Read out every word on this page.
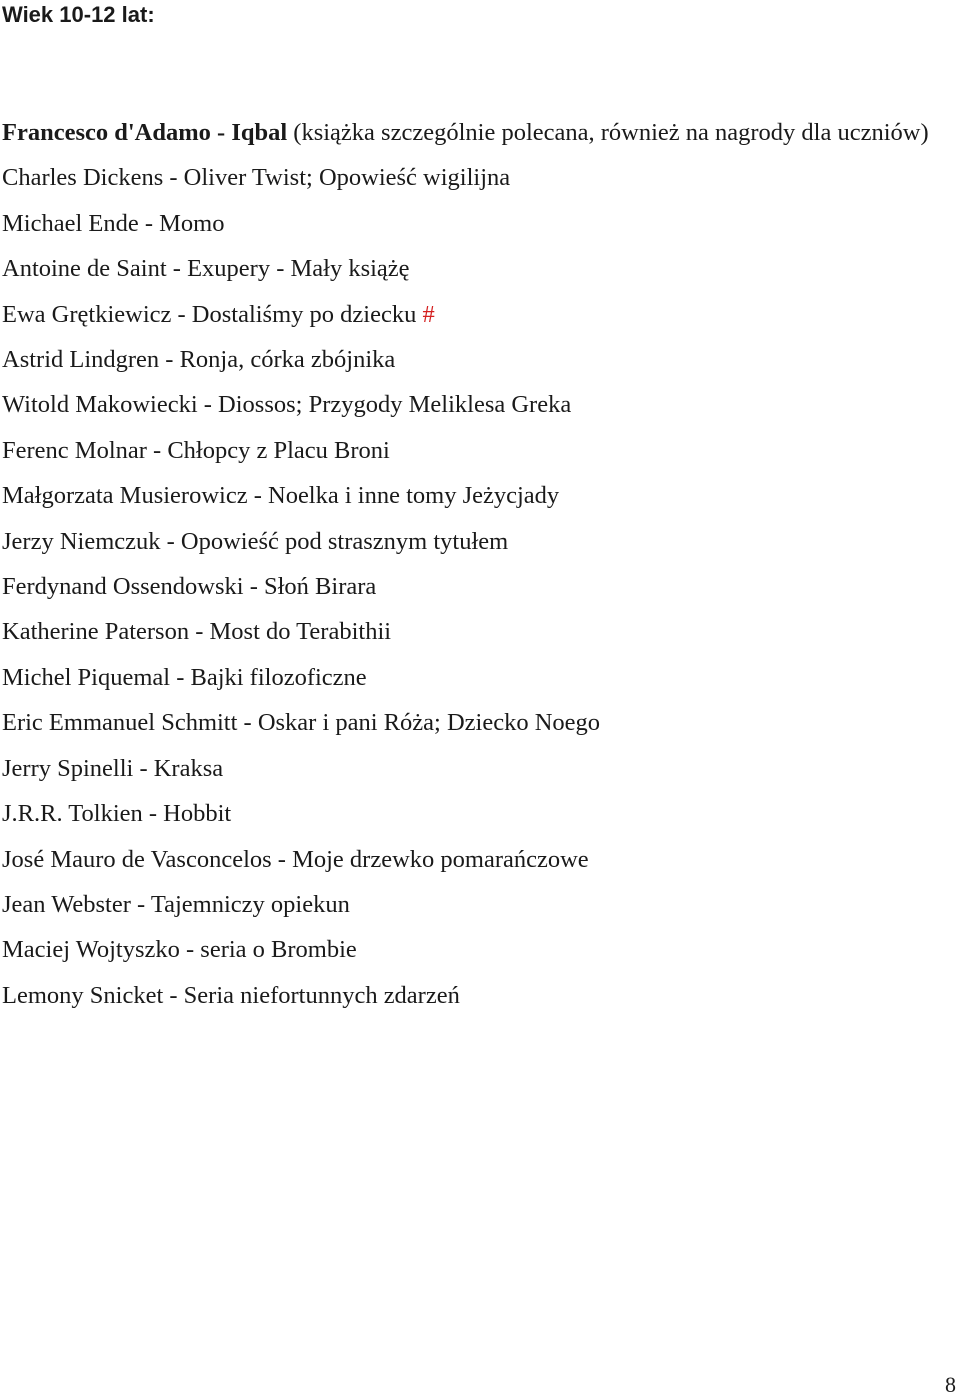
Wiek 10-12 lat:
Francesco d'Adamo - Iqbal (książka szczególnie polecana, również na nagrody dla uczniów)
Charles Dickens - Oliver Twist; Opowieść wigilijna
Michael Ende - Momo
Antoine de Saint - Exupery - Mały książę
Ewa Grętkiewicz - Dostaliśmy po dziecku #
Astrid Lindgren - Ronja, córka zbójnika
Witold Makowiecki - Diossos; Przygody Meliklesa Greka
Ferenc Molnar - Chłopcy z Placu Broni
Małgorzata Musierowicz - Noelka i inne tomy Jeżycjady
Jerzy Niemczuk - Opowieść pod strasznym tytułem
Ferdynand Ossendowski - Słoń Birara
Katherine Paterson - Most do Terabithii
Michel Piquemal - Bajki filozoficzne
Eric Emmanuel Schmitt - Oskar i pani Róża; Dziecko Noego
Jerry Spinelli - Kraksa
J.R.R. Tolkien - Hobbit
José Mauro de Vasconcelos - Moje drzewko pomarańczowe
Jean Webster - Tajemniczy opiekun
Maciej Wojtyszko - seria o Brombie
Lemony Snicket - Seria niefortunnych zdarzeń
8
